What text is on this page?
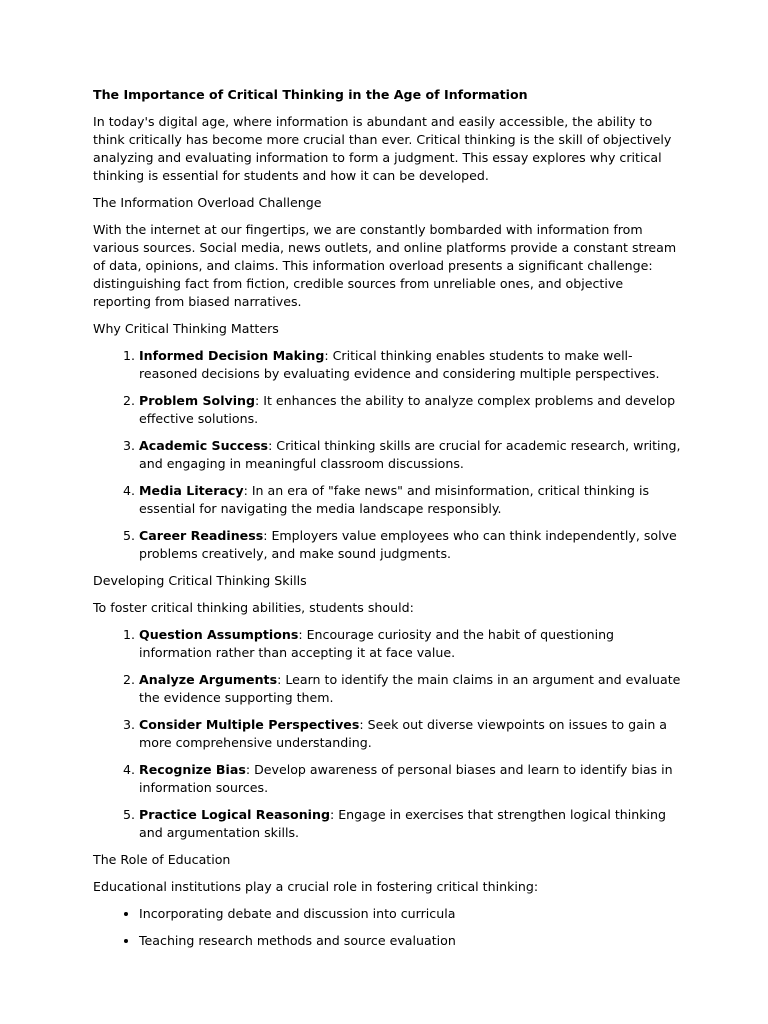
The Importance of Critical Thinking in the Age of Information

In today's digital age, where information is abundant and easily accessible, the ability to think critically has become more crucial than ever. Critical thinking is the skill of objectively analyzing and evaluating information to form a judgment. This essay explores why critical thinking is essential for students and how it can be developed.

The Information Overload Challenge

With the internet at our fingertips, we are constantly bombarded with information from various sources. Social media, news outlets, and online platforms provide a constant stream of data, opinions, and claims. This information overload presents a significant challenge: distinguishing fact from fiction, credible sources from unreliable ones, and objective reporting from biased narratives.

Why Critical Thinking Matters
1. Informed Decision Making: Critical thinking enables students to make well-reasoned decisions by evaluating evidence and considering multiple perspectives.
2. Problem Solving: It enhances the ability to analyze complex problems and develop effective solutions.
3. Academic Success: Critical thinking skills are crucial for academic research, writing, and engaging in meaningful classroom discussions.
4. Media Literacy: In an era of "fake news" and misinformation, critical thinking is essential for navigating the media landscape responsibly.
5. Career Readiness: Employers value employees who can think independently, solve problems creatively, and make sound judgments.
Developing Critical Thinking Skills

To foster critical thinking abilities, students should:

1. Question Assumptions: Encourage curiosity and the habit of questioning information rather than accepting it at face value.
2. Analyze Arguments: Learn to identify the main claims in an argument and evaluate the evidence supporting them.
3. Consider Multiple Perspectives: Seek out diverse viewpoints on issues to gain a more comprehensive understanding.
4. Recognize Bias: Develop awareness of personal biases and learn to identify bias in information sources.
5. Practice Logical Reasoning: Engage in exercises that strengthen logical thinking and argumentation skills.
The Role of Education

Educational institutions play a crucial role in fostering critical thinking:

• Incorporating debate and discussion into curricula
• Teaching research methods and source evaluation
